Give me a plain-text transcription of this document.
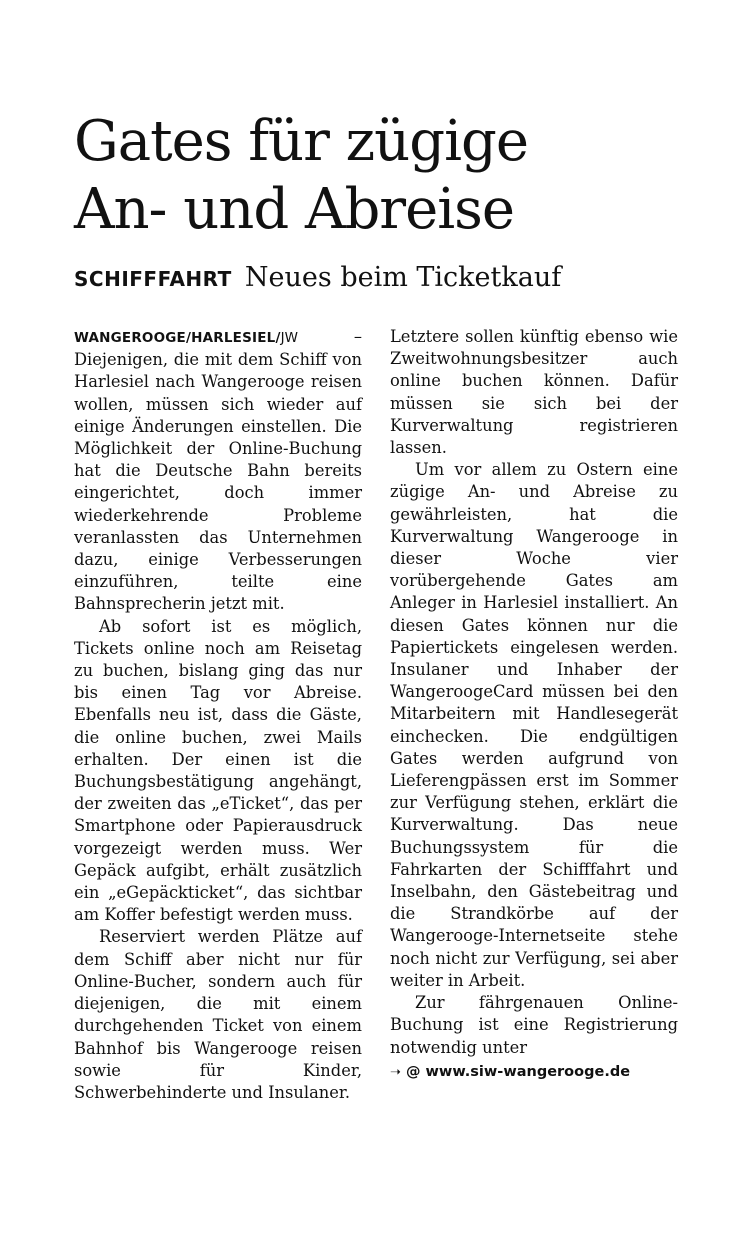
Gates für zügige
An- und Abreise
SCHIFFFAHRT Neues beim Ticketkauf

WANGEROOGE/HARLESIEL/JW – Diejenigen, die mit dem Schiff von Harlesiel nach Wangerooge reisen wollen, müssen sich wieder auf einige Änderungen einstellen. Die Möglichkeit der Online-Buchung hat die Deutsche Bahn bereits eingerichtet, doch immer wiederkehrende Probleme veranlassten das Unternehmen dazu, einige Verbesserungen einzuführen, teilte eine Bahnsprecherin jetzt mit.

Ab sofort ist es möglich, Tickets online noch am Reisetag zu buchen, bislang ging das nur bis einen Tag vor Abreise. Ebenfalls neu ist, dass die Gäste, die online buchen, zwei Mails erhalten. Der einen ist die Buchungsbestätigung angehängt, der zweiten das „eTicket“, das per Smartphone oder Papierausdruck vorgezeigt werden muss. Wer Gepäck aufgibt, erhält zusätzlich ein „eGepäckticket“, das sichtbar am Koffer befestigt werden muss.

Reserviert werden Plätze auf dem Schiff aber nicht nur für Online-Bucher, sondern auch für diejenigen, die mit einem durchgehenden Ticket von einem Bahnhof bis Wangerooge reisen sowie für Kinder, Schwerbehinderte und Insulaner.

Letztere sollen künftig ebenso wie Zweitwohnungsbesitzer auch online buchen können. Dafür müssen sie sich bei der Kurverwaltung registrieren lassen.

Um vor allem zu Ostern eine zügige An- und Abreise zu gewährleisten, hat die Kurverwaltung Wangerooge in dieser Woche vier vorübergehende Gates am Anleger in Harlesiel installiert. An diesen Gates können nur die Papiertickets eingelesen werden. Insulaner und Inhaber der WangeroogeCard müssen bei den Mitarbeitern mit Handlesegerät einchecken. Die endgültigen Gates werden aufgrund von Lieferengpässen erst im Sommer zur Verfügung stehen, erklärt die Kurverwaltung. Das neue Buchungssystem für die Fahrkarten der Schifffahrt und Inselbahn, den Gästebeitrag und die Strandkörbe auf der Wangerooge-Internetseite stehe noch nicht zur Verfügung, sei aber weiter in Arbeit.

Zur fährgenauen Online-Buchung ist eine Registrierung notwendig unter

➝ @ www.siw-wangerooge.de
